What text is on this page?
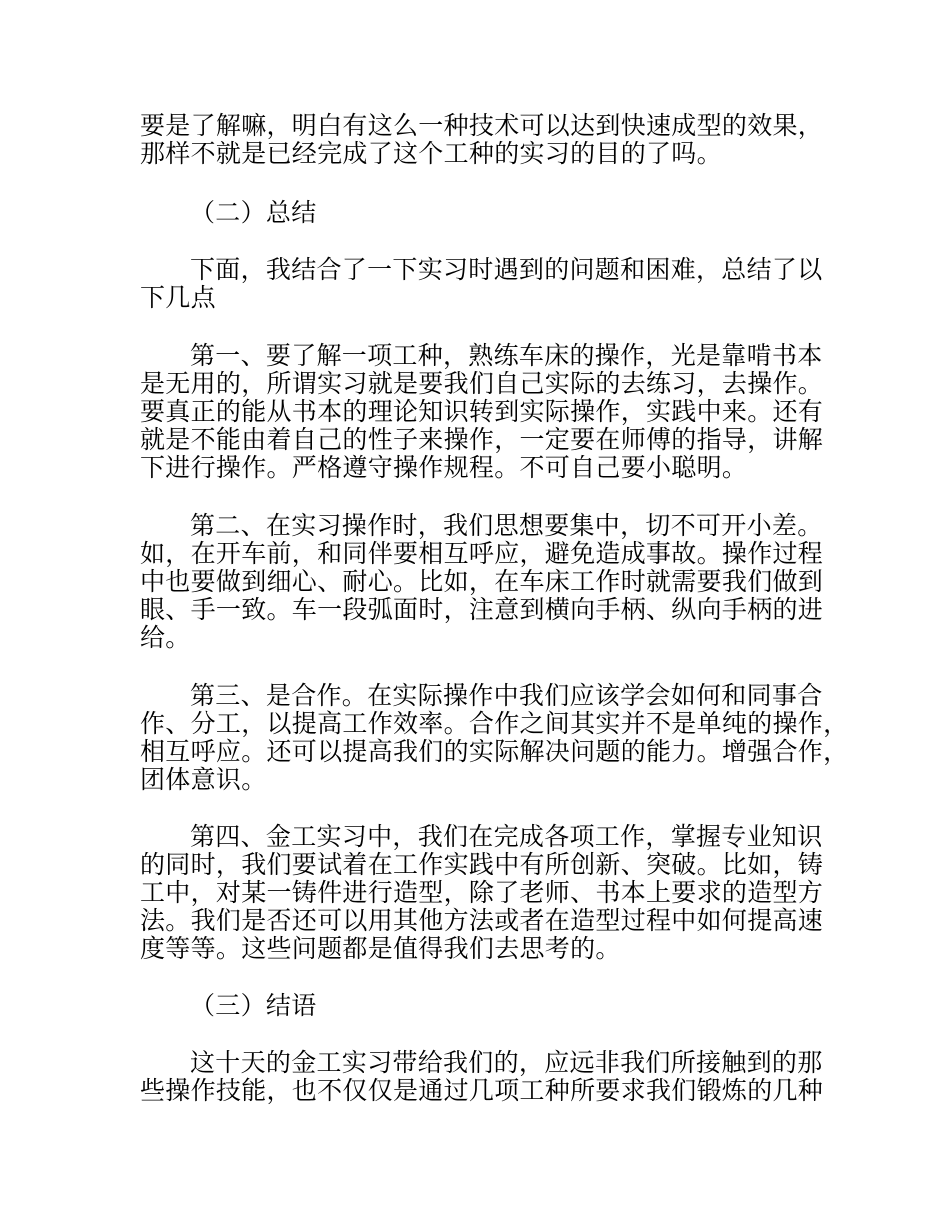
要是了解嘛，明白有这么一种技术可以达到快速成型的效果，
那样不就是已经完成了这个工种的实习的目的了吗。
（二）总结
下面，我结合了一下实习时遇到的问题和困难，总结了以
下几点
第一、要了解一项工种，熟练车床的操作，光是靠啃书本
是无用的，所谓实习就是要我们自己实际的去练习，去操作。
要真正的能从书本的理论知识转到实际操作，实践中来。还有
就是不能由着自己的性子来操作，一定要在师傅的指导，讲解
下进行操作。严格遵守操作规程。不可自己要小聪明。
第二、在实习操作时，我们思想要集中，切不可开小差。
如，在开车前，和同伴要相互呼应，避免造成事故。操作过程
中也要做到细心、耐心。比如，在车床工作时就需要我们做到
眼、手一致。车一段弧面时，注意到横向手柄、纵向手柄的进
给。
第三、是合作。在实际操作中我们应该学会如何和同事合
作、分工，以提高工作效率。合作之间其实并不是单纯的操作，
相互呼应。还可以提高我们的实际解决问题的能力。增强合作，
团体意识。
第四、金工实习中，我们在完成各项工作，掌握专业知识
的同时，我们要试着在工作实践中有所创新、突破。比如，铸
工中，对某一铸件进行造型，除了老师、书本上要求的造型方
法。我们是否还可以用其他方法或者在造型过程中如何提高速
度等等。这些问题都是值得我们去思考的。
（三）结语
这十天的金工实习带给我们的，应远非我们所接触到的那
些操作技能，也不仅仅是通过几项工种所要求我们锻炼的几种
